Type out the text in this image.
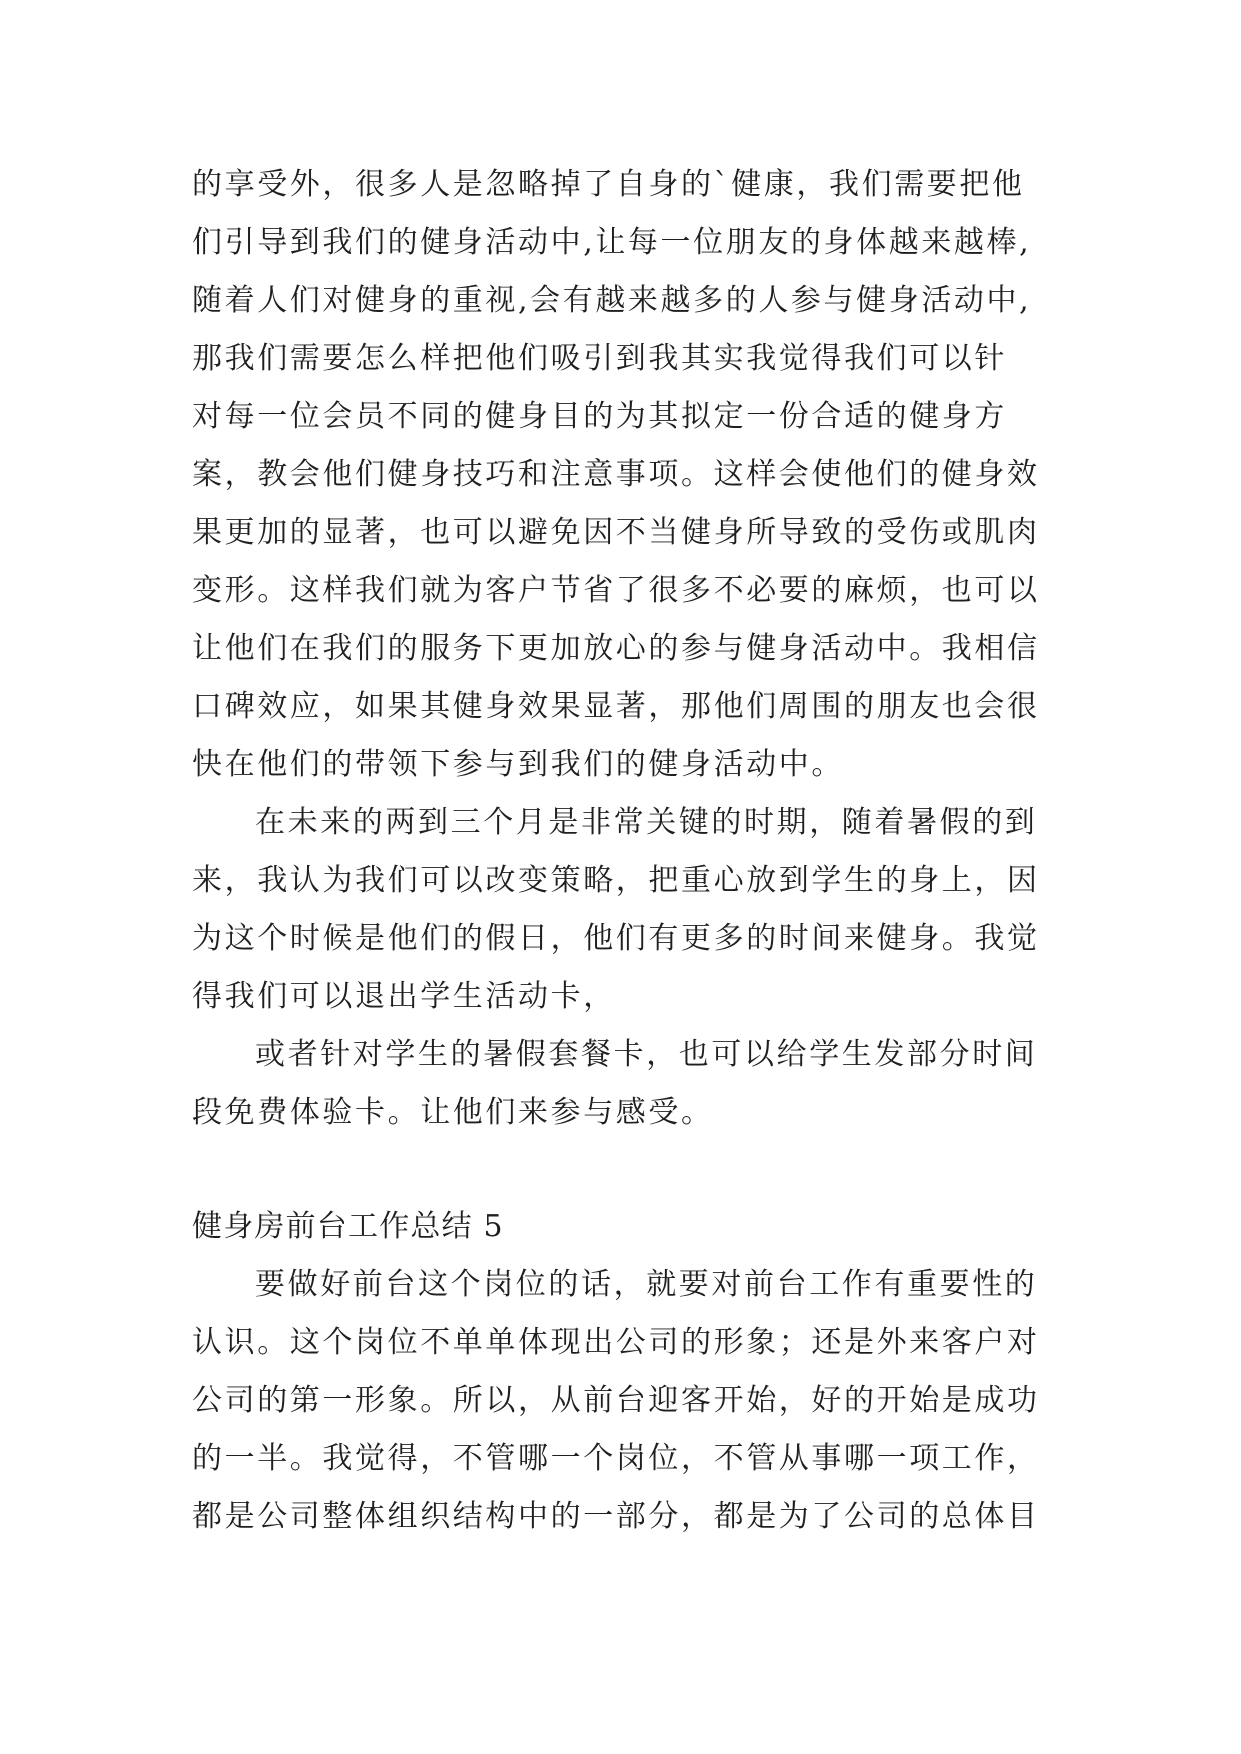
的享受外，很多人是忽略掉了自身的`健康，我们需要把他
们引导到我们的健身活动中,让每一位朋友的身体越来越棒,
随着人们对健身的重视,会有越来越多的人参与健身活动中,
那我们需要怎么样把他们吸引到我其实我觉得我们可以针
对每一位会员不同的健身目的为其拟定一份合适的健身方
案，教会他们健身技巧和注意事项。这样会使他们的健身效
果更加的显著，也可以避免因不当健身所导致的受伤或肌肉
变形。这样我们就为客户节省了很多不必要的麻烦，也可以
让他们在我们的服务下更加放心的参与健身活动中。我相信
口碑效应，如果其健身效果显著，那他们周围的朋友也会很
快在他们的带领下参与到我们的健身活动中。
在未来的两到三个月是非常关键的时期，随着暑假的到
来，我认为我们可以改变策略，把重心放到学生的身上，因
为这个时候是他们的假日，他们有更多的时间来健身。我觉
得我们可以退出学生活动卡，
或者针对学生的暑假套餐卡，也可以给学生发部分时间
段免费体验卡。让他们来参与感受。
健身房前台工作总结 5
要做好前台这个岗位的话，就要对前台工作有重要性的
认识。这个岗位不单单体现出公司的形象；还是外来客户对
公司的第一形象。所以，从前台迎客开始，好的开始是成功
的一半。我觉得，不管哪一个岗位，不管从事哪一项工作，
都是公司整体组织结构中的一部分，都是为了公司的总体目
